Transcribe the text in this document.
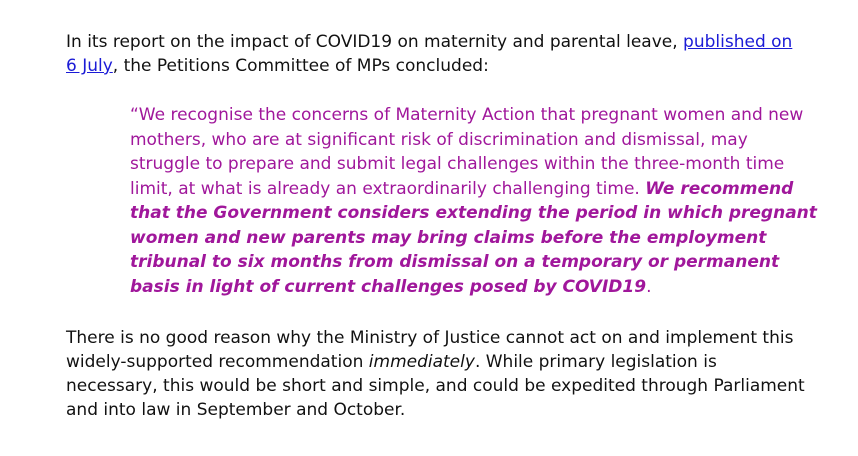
In its report on the impact of COVID19 on maternity and parental leave, published on 6 July, the Petitions Committee of MPs concluded:

“We recognise the concerns of Maternity Action that pregnant women and new mothers, who are at significant risk of discrimination and dismissal, may struggle to prepare and submit legal challenges within the three-month time limit, at what is already an extraordinarily challenging time. We recommend that the Government considers extending the period in which pregnant women and new parents may bring claims before the employment tribunal to six months from dismissal on a temporary or permanent basis in light of current challenges posed by COVID19.

There is no good reason why the Ministry of Justice cannot act on and implement this widely-supported recommendation immediately. While primary legislation is necessary, this would be short and simple, and could be expedited through Parliament and into law in September and October.
